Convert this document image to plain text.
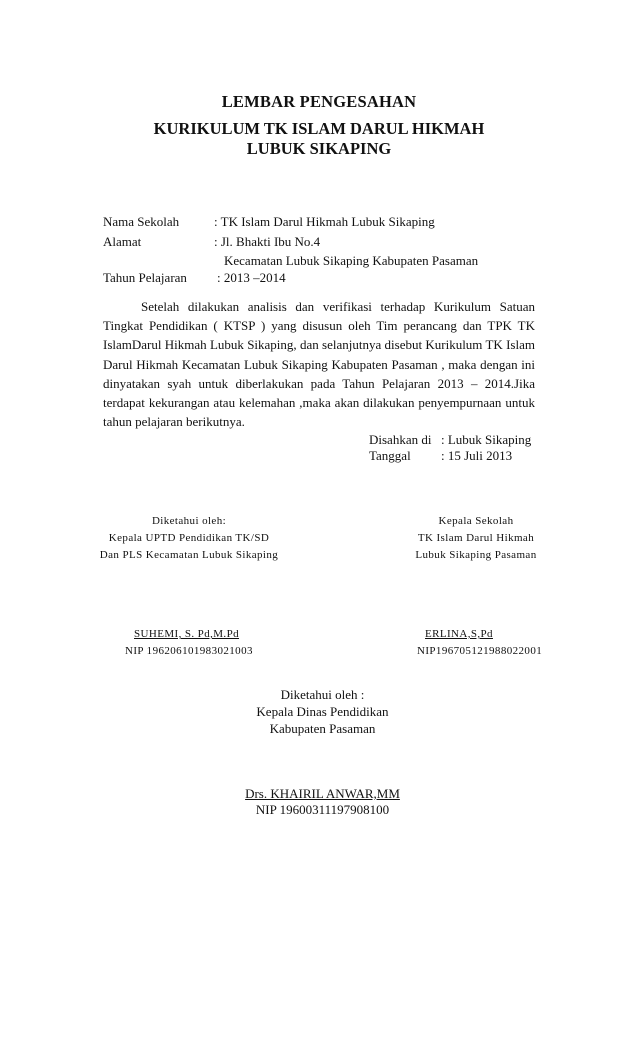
LEMBAR PENGESAHAN
KURIKULUM TK ISLAM DARUL HIKMAH
LUBUK SIKAPING
Nama Sekolah	: TK Islam Darul Hikmah Lubuk Sikaping
Alamat	: Jl. Bhakti Ibu No.4
Kecamatan Lubuk Sikaping Kabupaten Pasaman
Tahun Pelajaran : 2013 –2014
Setelah dilakukan analisis dan verifikasi terhadap Kurikulum Satuan Tingkat Pendidikan ( KTSP ) yang disusun oleh Tim perancang dan TPK TK IslamDarul Hikmah Lubuk Sikaping, dan selanjutnya disebut Kurikulum TK Islam Darul Hikmah Kecamatan Lubuk Sikaping Kabupaten Pasaman , maka dengan ini dinyatakan syah untuk diberlakukan pada Tahun Pelajaran 2013 – 2014.Jika terdapat kekurangan atau kelemahan ,maka akan dilakukan penyempurnaan untuk tahun pelajaran berikutnya.
Disahkan di : Lubuk Sikaping
Tanggal : 15 Juli 2013
Diketahui oleh:
Kepala UPTD Pendidikan TK/SD
Dan PLS Kecamatan Lubuk Sikaping
SUHEMI, S. Pd,M.Pd
NIP 196206101983021003
Kepala Sekolah
TK Islam Darul Hikmah
Lubuk Sikaping Pasaman
ERLINA,S,Pd
NIP196705121988022001
Diketahui oleh :
Kepala Dinas Pendidikan
Kabupaten Pasaman
Drs. KHAIRIL ANWAR,MM
NIP 19600311197908100
